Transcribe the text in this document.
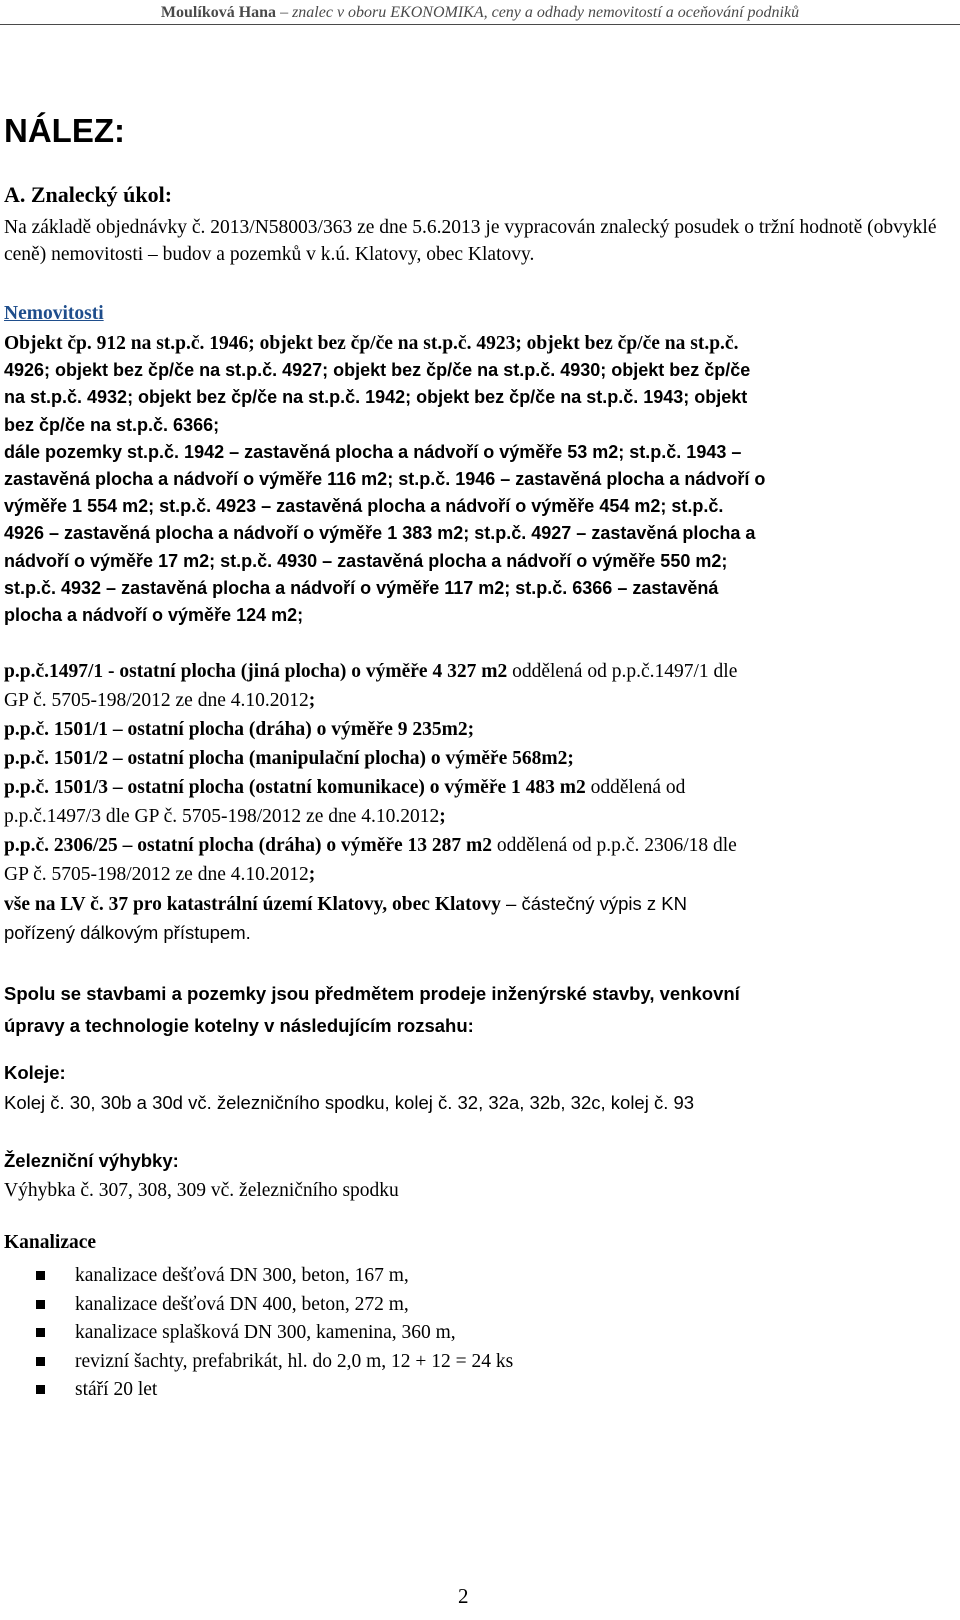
Moulíková Hana – znalec v oboru EKONOMIKA, ceny a odhady nemovitostí a oceňování podniků
NÁLEZ:
A. Znalecký úkol:
Na základě objednávky č. 2013/N58003/363 ze dne 5.6.2013 je vypracován znalecký posudek o tržní hodnotě (obvyklé ceně) nemovitosti – budov a pozemků v k.ú. Klatovy, obec Klatovy.
Nemovitosti
Objekt čp. 912 na st.p.č. 1946; objekt bez čp/če na st.p.č. 4923; objekt bez čp/če na st.p.č.
4926; objekt bez čp/če na st.p.č. 4927; objekt bez čp/če na st.p.č. 4930; objekt bez čp/če
na st.p.č. 4932; objekt bez čp/če na st.p.č. 1942; objekt bez čp/če na st.p.č. 1943; objekt
bez čp/če na st.p.č. 6366;
dále pozemky st.p.č. 1942 – zastavěná plocha a nádvoří o výměře 53 m2; st.p.č. 1943 –
zastavěná plocha a nádvoří o výměře 116 m2; st.p.č. 1946 – zastavěná plocha a nádvoří o
výměře 1 554 m2; st.p.č. 4923 – zastavěná plocha a nádvoří o výměře 454 m2; st.p.č.
4926 – zastavěná plocha a nádvoří o výměře 1 383 m2; st.p.č. 4927 – zastavěná plocha a
nádvoří o výměře 17 m2; st.p.č. 4930 – zastavěná plocha a nádvoří o výměře 550 m2;
st.p.č. 4932 – zastavěná plocha a nádvoří o výměře 117 m2; st.p.č. 6366 – zastavěná
plocha a nádvoří o výměře 124 m2;
p.p.č.1497/1 - ostatní plocha (jiná plocha) o výměře 4 327 m2 oddělená od p.p.č.1497/1 dle
GP č. 5705-198/2012 ze dne 4.10.2012;
p.p.č. 1501/1 – ostatní plocha (dráha) o výměře 9 235m2;
p.p.č. 1501/2 – ostatní plocha (manipulační plocha) o výměře 568m2;
p.p.č. 1501/3 – ostatní plocha (ostatní komunikace) o výměře 1 483 m2 oddělená od
p.p.č.1497/3 dle GP č. 5705-198/2012 ze dne 4.10.2012;
p.p.č. 2306/25 – ostatní plocha (dráha) o výměře 13 287 m2 oddělená od p.p.č. 2306/18 dle
GP č. 5705-198/2012 ze dne 4.10.2012;
vše na LV č. 37 pro katastrální území Klatovy, obec Klatovy – částečný výpis z KN
pořízený dálkovým přístupem.
Spolu se stavbami a pozemky jsou předmětem prodeje inženýrské stavby, venkovní
úpravy a technologie kotelny v následujícím rozsahu:
Koleje:
Kolej č. 30, 30b a 30d vč. železničního spodku, kolej č. 32, 32a, 32b, 32c, kolej č. 93
Železniční výhybky:
Výhybka č. 307, 308, 309 vč. železničního spodku
Kanalizace
kanalizace dešťová DN 300, beton, 167 m,
kanalizace dešťová DN 400, beton, 272 m,
kanalizace splašková DN 300, kamenina, 360 m,
revizní šachty, prefabrikát, hl. do 2,0 m, 12 + 12 = 24 ks
stáří 20 let
2
